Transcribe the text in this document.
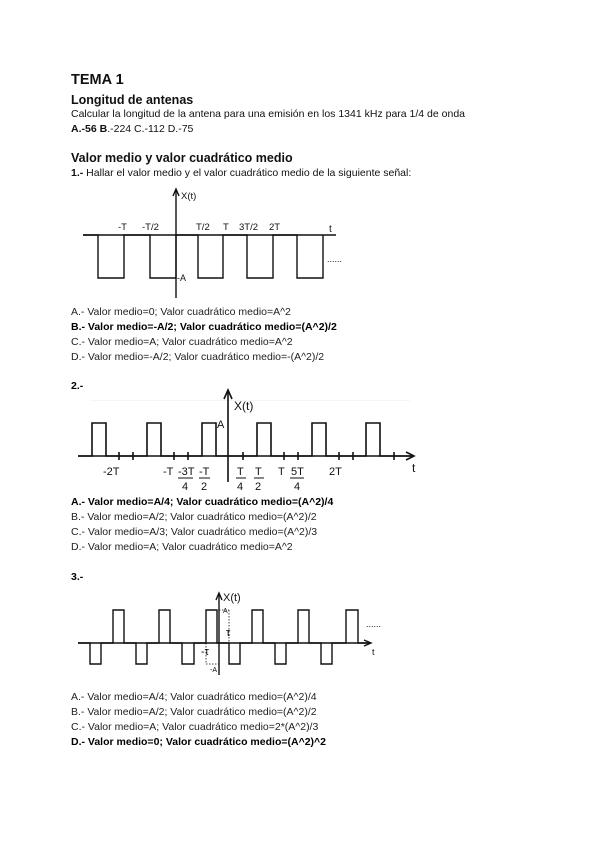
TEMA 1
Longitud de antenas
Calcular la longitud de la antena para una emisión en los 1341 kHz para 1/4 de onda
A.-56 B.-224 C.-112 D.-75
Valor medio y valor cuadrático medio
1.- Hallar el valor medio y el valor cuadrático medio de la siguiente señal:
X(t)
t
-T -T/2	T/2 T 3T/2 2T
-A
......
A.- Valor medio=0; Valor cuadrático medio=A^2
B.- Valor medio=-A/2; Valor cuadrático medio=(A^2)/2
C.- Valor medio=A; Valor cuadrático medio=A^2
D.- Valor medio=-A/2; Valor cuadrático medio=-(A^2)/2
2.-
X(t)
t
A
-2T	-T -3T
4
-T
2
T
4
T
2
T 5T
4
2T
A.- Valor medio=A/4; Valor cuadrático medio=(A^2)/4
B.- Valor medio=A/2; Valor cuadrático medio=(A^2)/2
C.- Valor medio=A/3; Valor cuadrático medio=(A^2)/3
D.- Valor medio=A; Valor cuadrático medio=A^2
3.-
X(t)
A
τ
-τ
-A
t
......
A.- Valor medio=A/4; Valor cuadrático medio=(A^2)/4
B.- Valor medio=A/2; Valor cuadrático medio=(A^2)/2
C.- Valor medio=A; Valor cuadrático medio=2*(A^2)/3
D.- Valor medio=0; Valor cuadrático medio=(A^2)^2
